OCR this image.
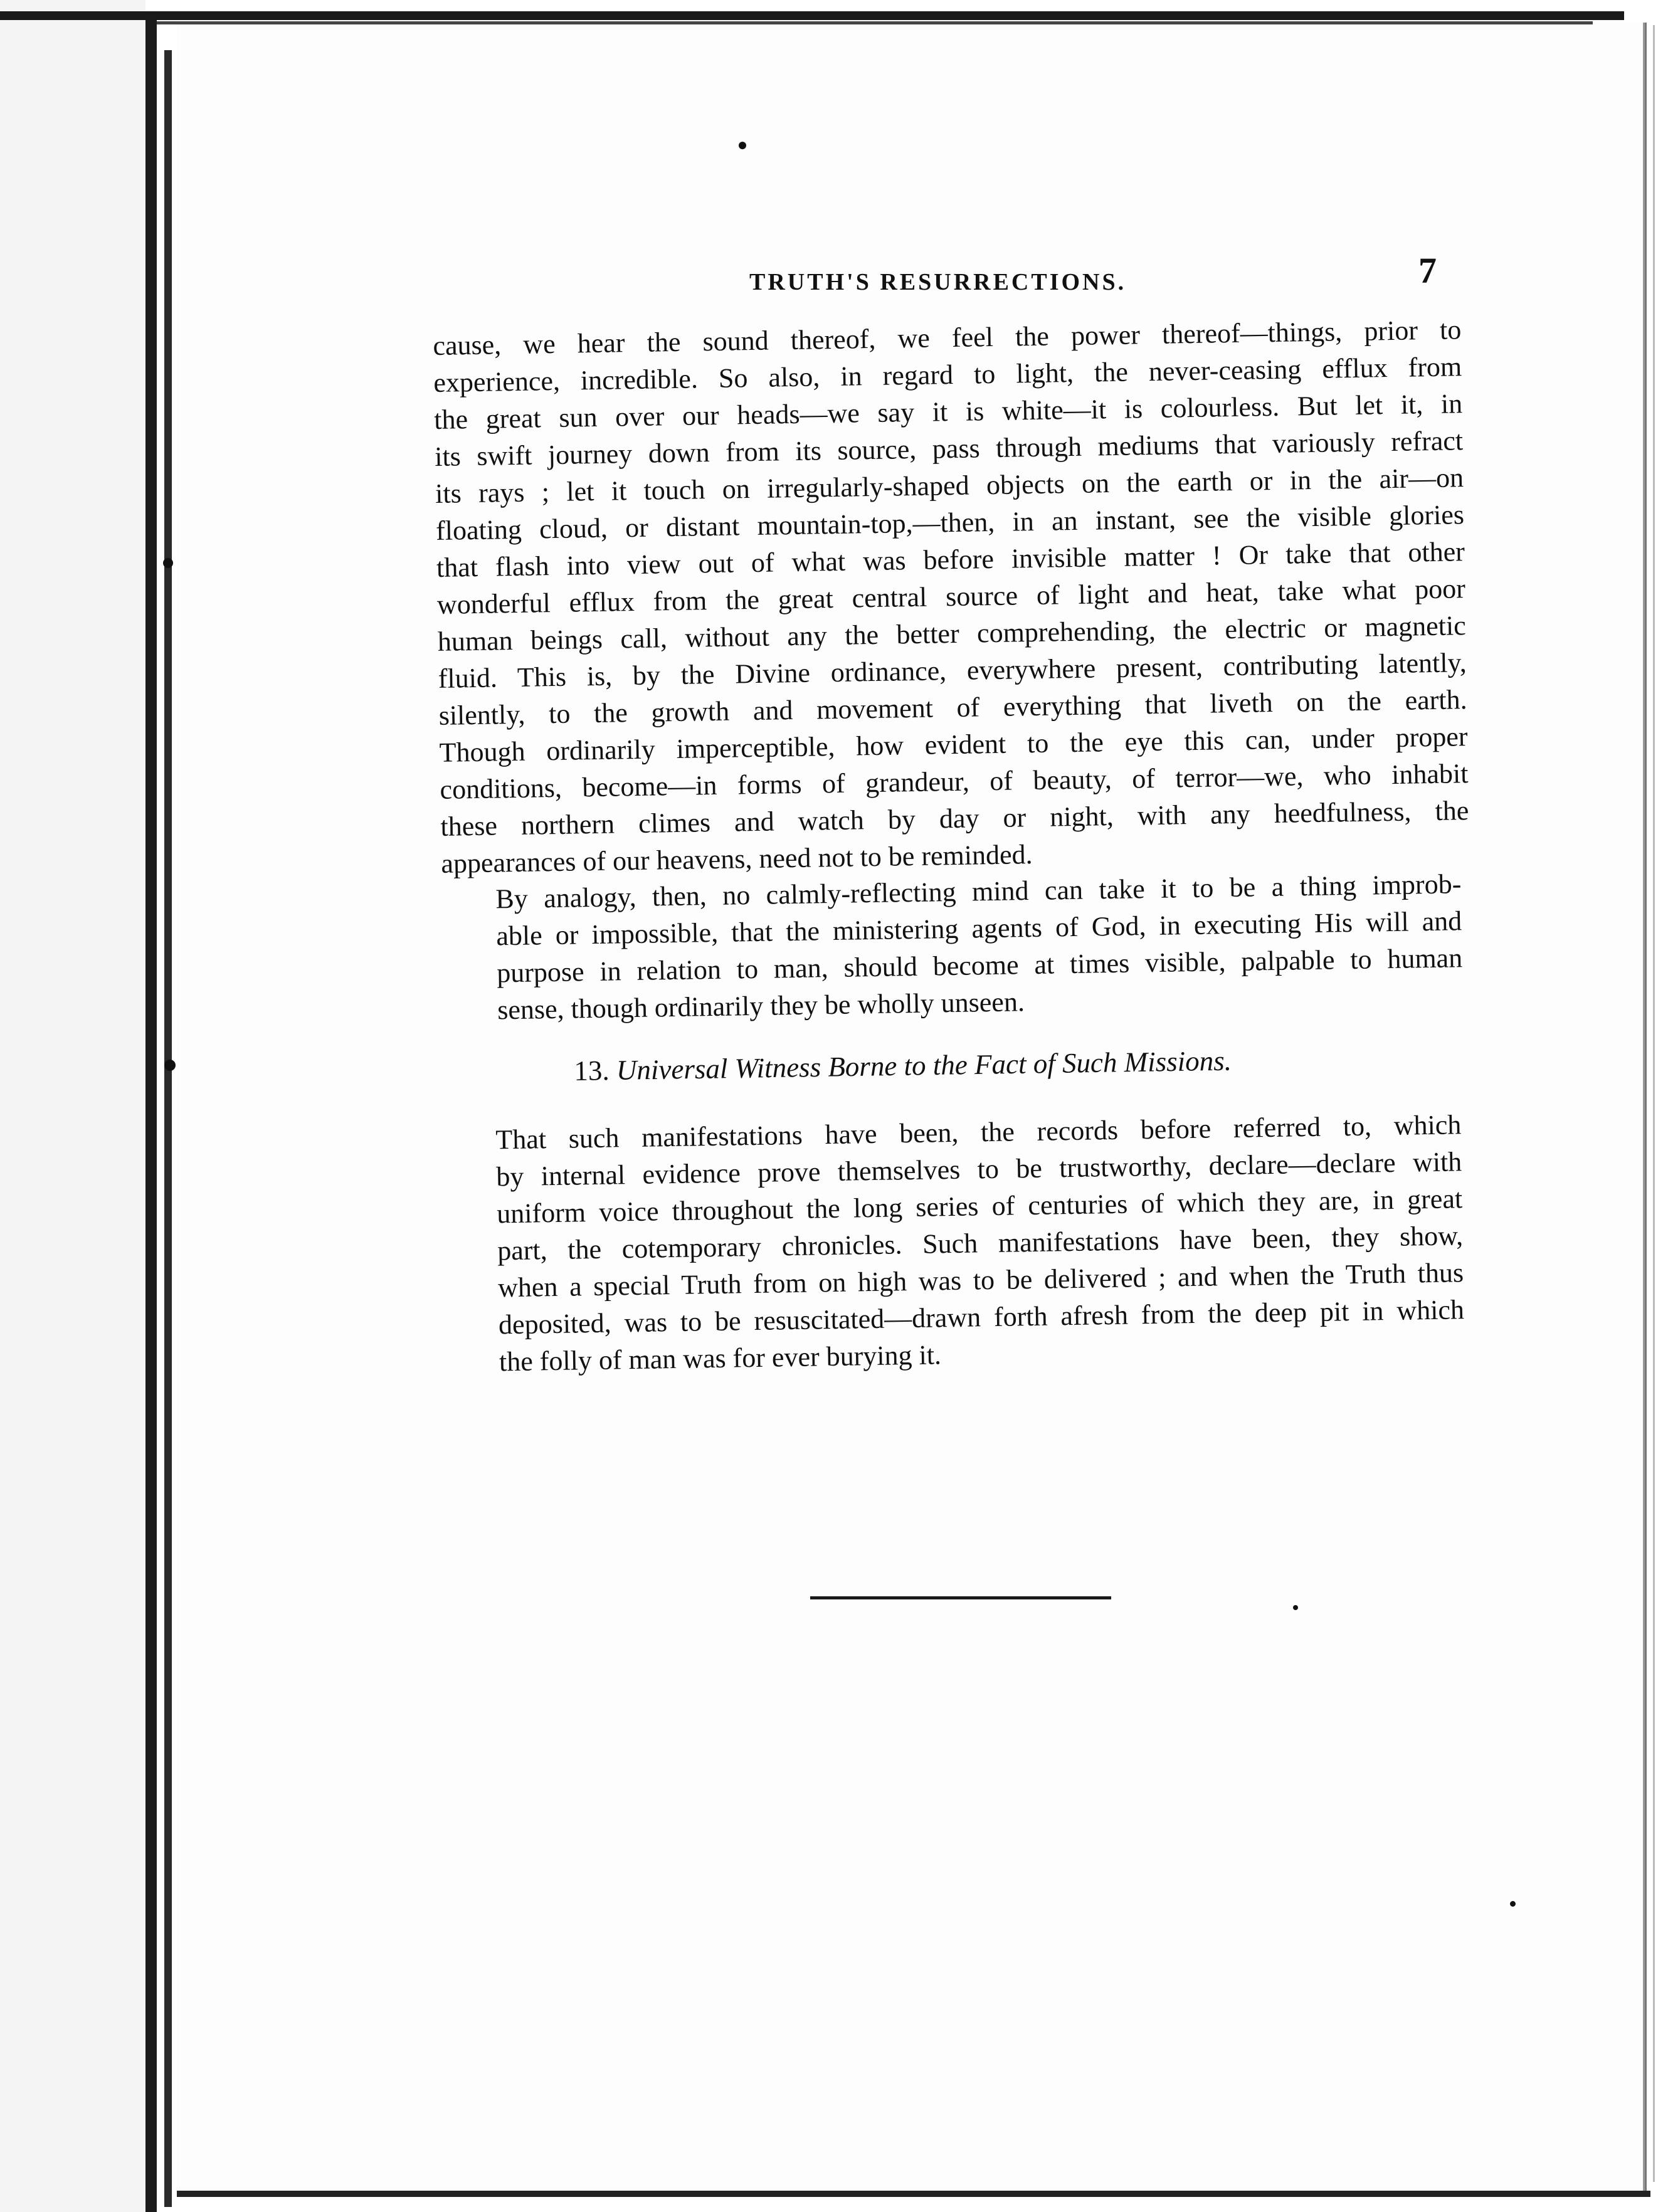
TRUTH'S RESURRECTIONS.	7
cause, we hear the sound thereof, we feel the power thereof—things, prior to
experience, incredible. So also, in regard to light, the never-ceasing efflux from
the great sun over our heads—we say it is white—it is colourless. But let it, in
its swift journey down from its source, pass through mediums that variously refract
its rays ; let it touch on irregularly-shaped objects on the earth or in the air—on
floating cloud, or distant mountain-top,—then, in an instant, see the visible glories
that flash into view out of what was before invisible matter ! Or take that other
wonderful efflux from the great central source of light and heat, take what poor
human beings call, without any the better comprehending, the electric or magnetic
fluid. This is, by the Divine ordinance, everywhere present, contributing latently,
silently, to the growth and movement of everything that liveth on the earth.
Though ordinarily imperceptible, how evident to the eye this can, under proper
conditions, become—in forms of grandeur, of beauty, of terror—we, who inhabit
these northern climes and watch by day or night, with any heedfulness, the
appearances of our heavens, need not to be reminded.
By analogy, then, no calmly-reflecting mind can take it to be a thing improb-
able or impossible, that the ministering agents of God, in executing His will and
purpose in relation to man, should become at times visible, palpable to human
sense, though ordinarily they be wholly unseen.
13. Universal Witness Borne to the Fact of Such Missions.
That such manifestations have been, the records before referred to, which
by internal evidence prove themselves to be trustworthy, declare—declare with
uniform voice throughout the long series of centuries of which they are, in great
part, the cotemporary chronicles. Such manifestations have been, they show,
when a special Truth from on high was to be delivered ; and when the Truth thus
deposited, was to be resuscitated—drawn forth afresh from the deep pit in which
the folly of man was for ever burying it.
